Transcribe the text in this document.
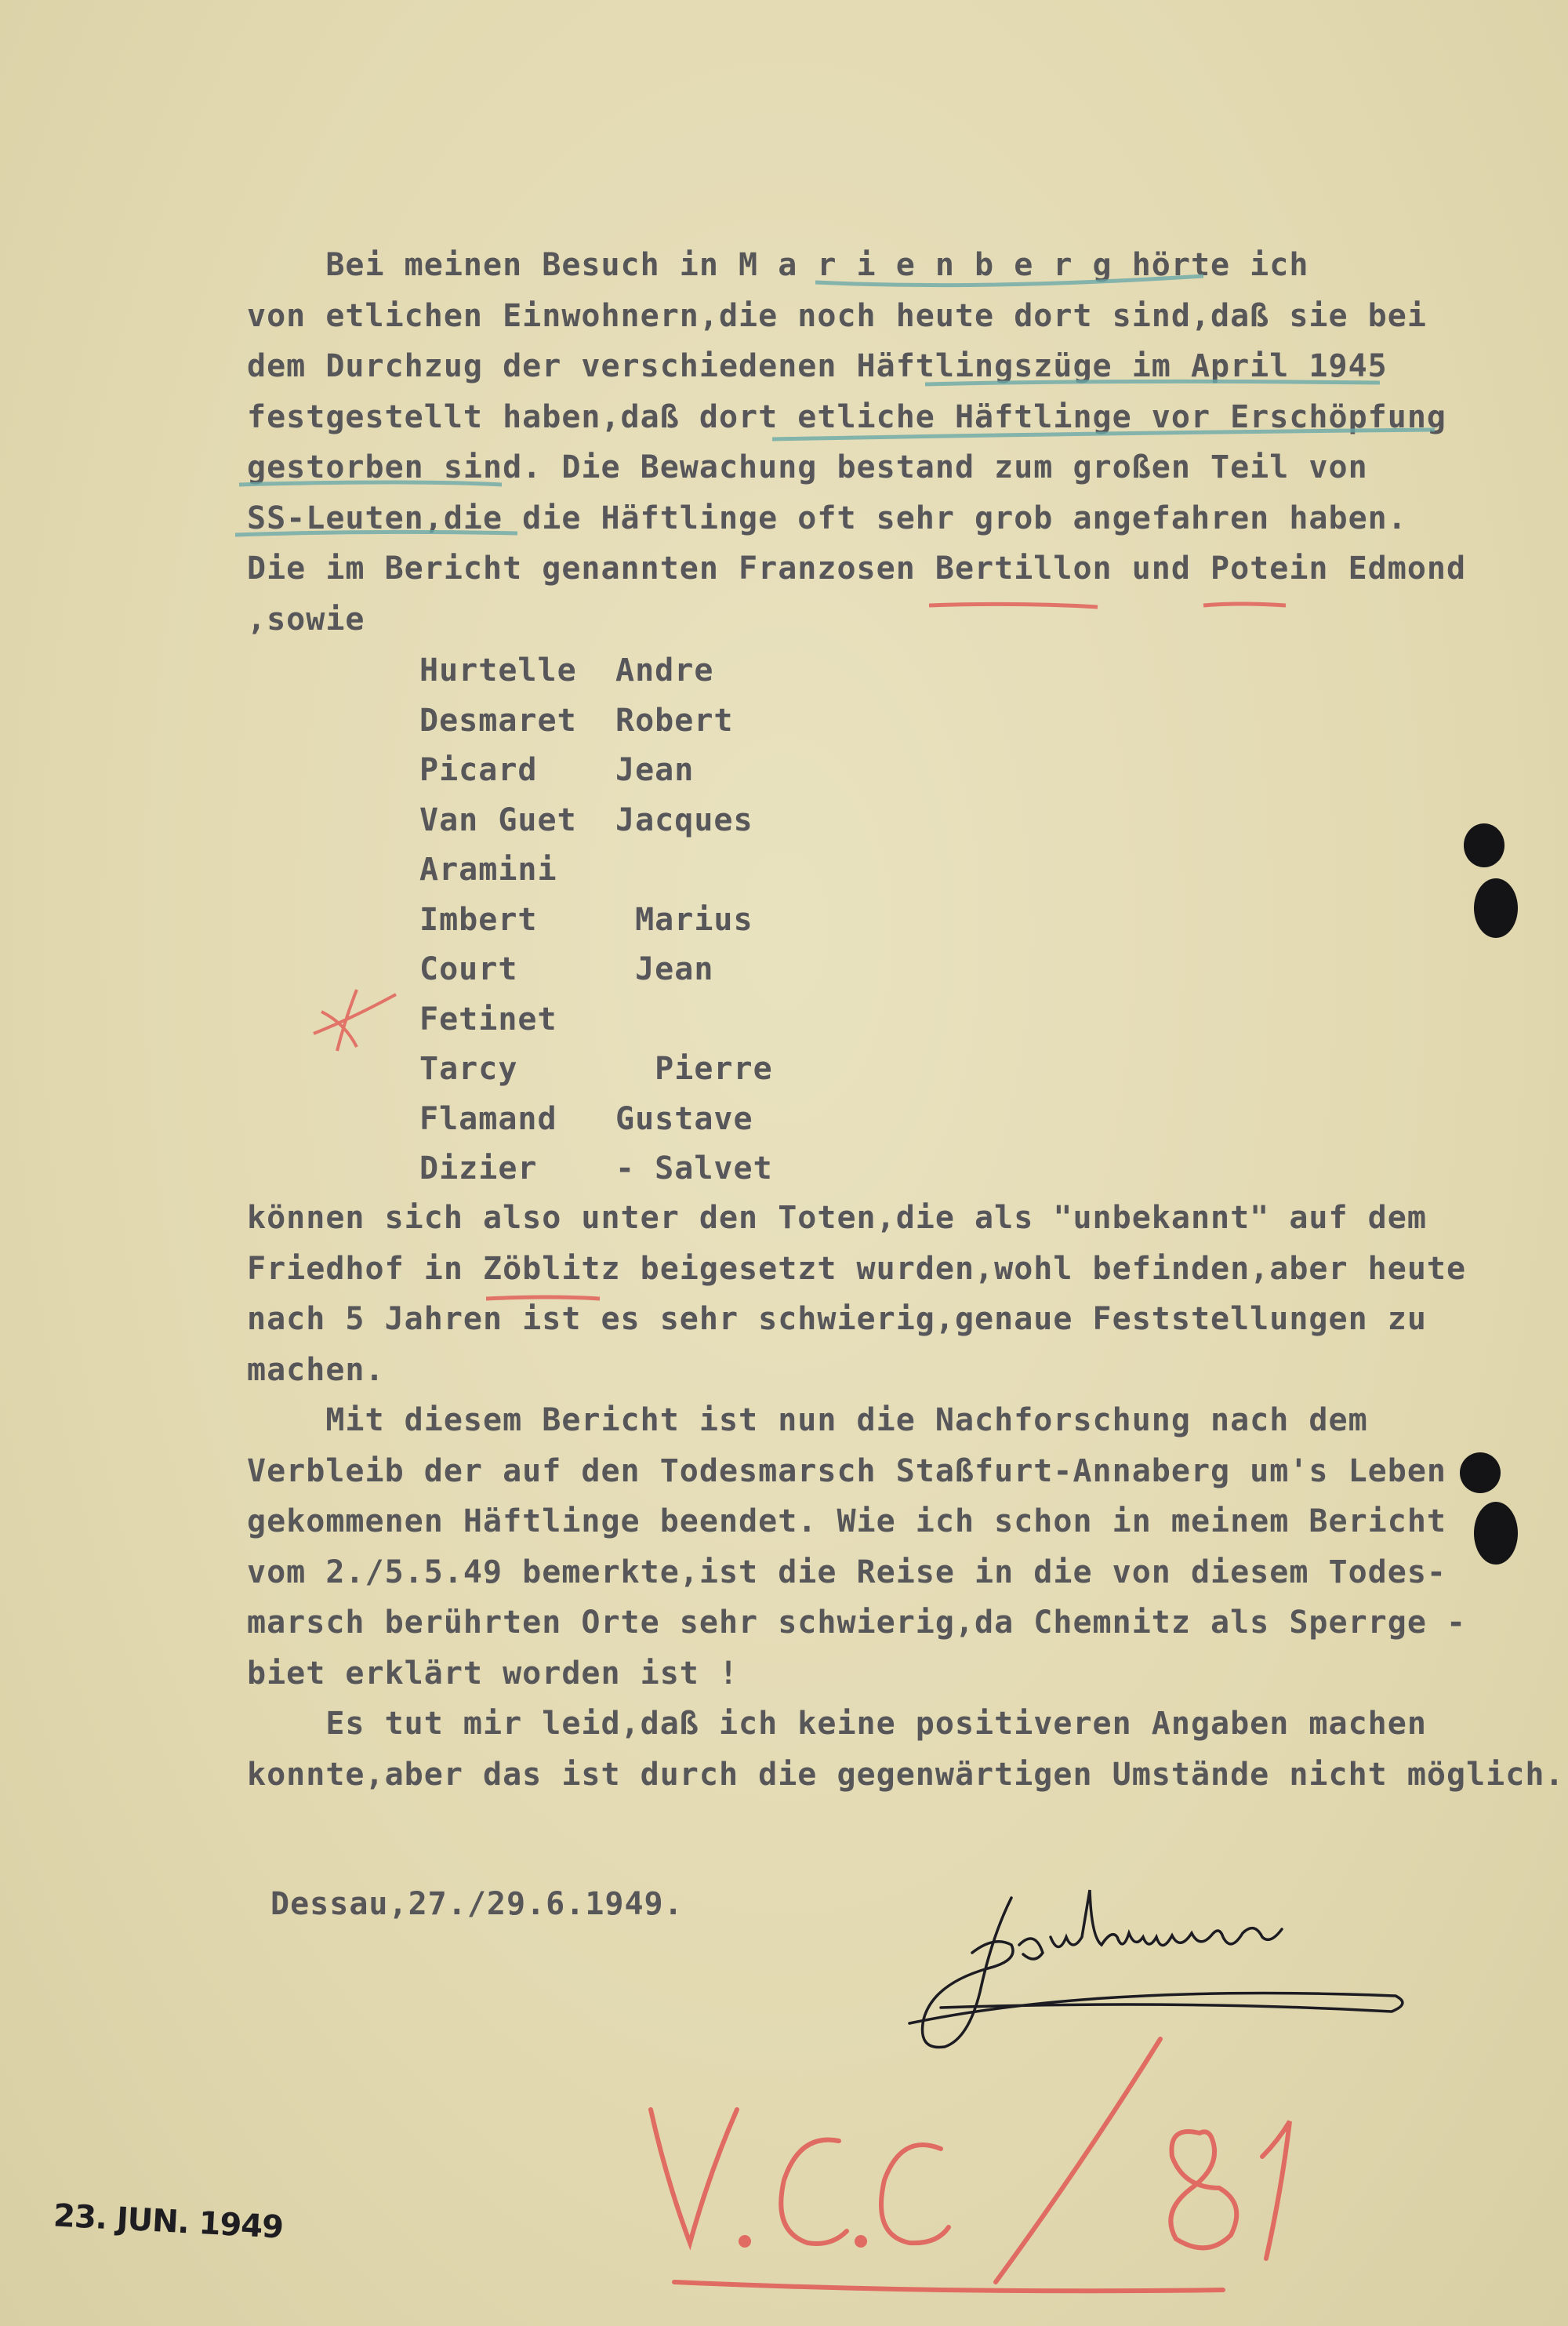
Bei meinen Besuch in M a r i e n b e r g hörte ich
von etlichen Einwohnern,die noch heute dort sind,daß sie bei
dem Durchzug der verschiedenen Häftlingszüge im April 1945
festgestellt haben,daß dort etliche Häftlinge vor Erschöpfung
gestorben sind. Die Bewachung bestand zum großen Teil von
SS-Leuten,die die Häftlinge oft sehr grob angefahren haben.
Die im Bericht genannten Franzosen Bertillon und Potein Edmond
,sowie
Hurtelle	Andre
Desmaret	Robert
Picard	Jean
Van Guet	Jacques
Aramini
Imbert	Marius
Court	Jean
Fetinet
Tarcy	Pierre
Flamand	Gustave
Dizier	- Salvet
können sich also unter den Toten,die als "unbekannt" auf dem
Friedhof in Zöblitz beigesetzt wurden,wohl befinden,aber heute
nach 5 Jahren ist es sehr schwierig,genaue Feststellungen zu
machen.
Mit diesem Bericht ist nun die Nachforschung nach dem
Verbleib der auf den Todesmarsch Staßfurt-Annaberg um's Leben
gekommenen Häftlinge beendet. Wie ich schon in meinem Bericht
vom 2./5.5.49 bemerkte,ist die Reise in die von diesem Todes-
marsch berührten Orte sehr schwierig,da Chemnitz als Sperrge -
biet erklärt worden ist !
Es tut mir leid,daß ich keine positiveren Angaben machen
konnte,aber das ist durch die gegenwärtigen Umstände nicht möglich.
Dessau,27./29.6.1949.
23. JUN. 1949
